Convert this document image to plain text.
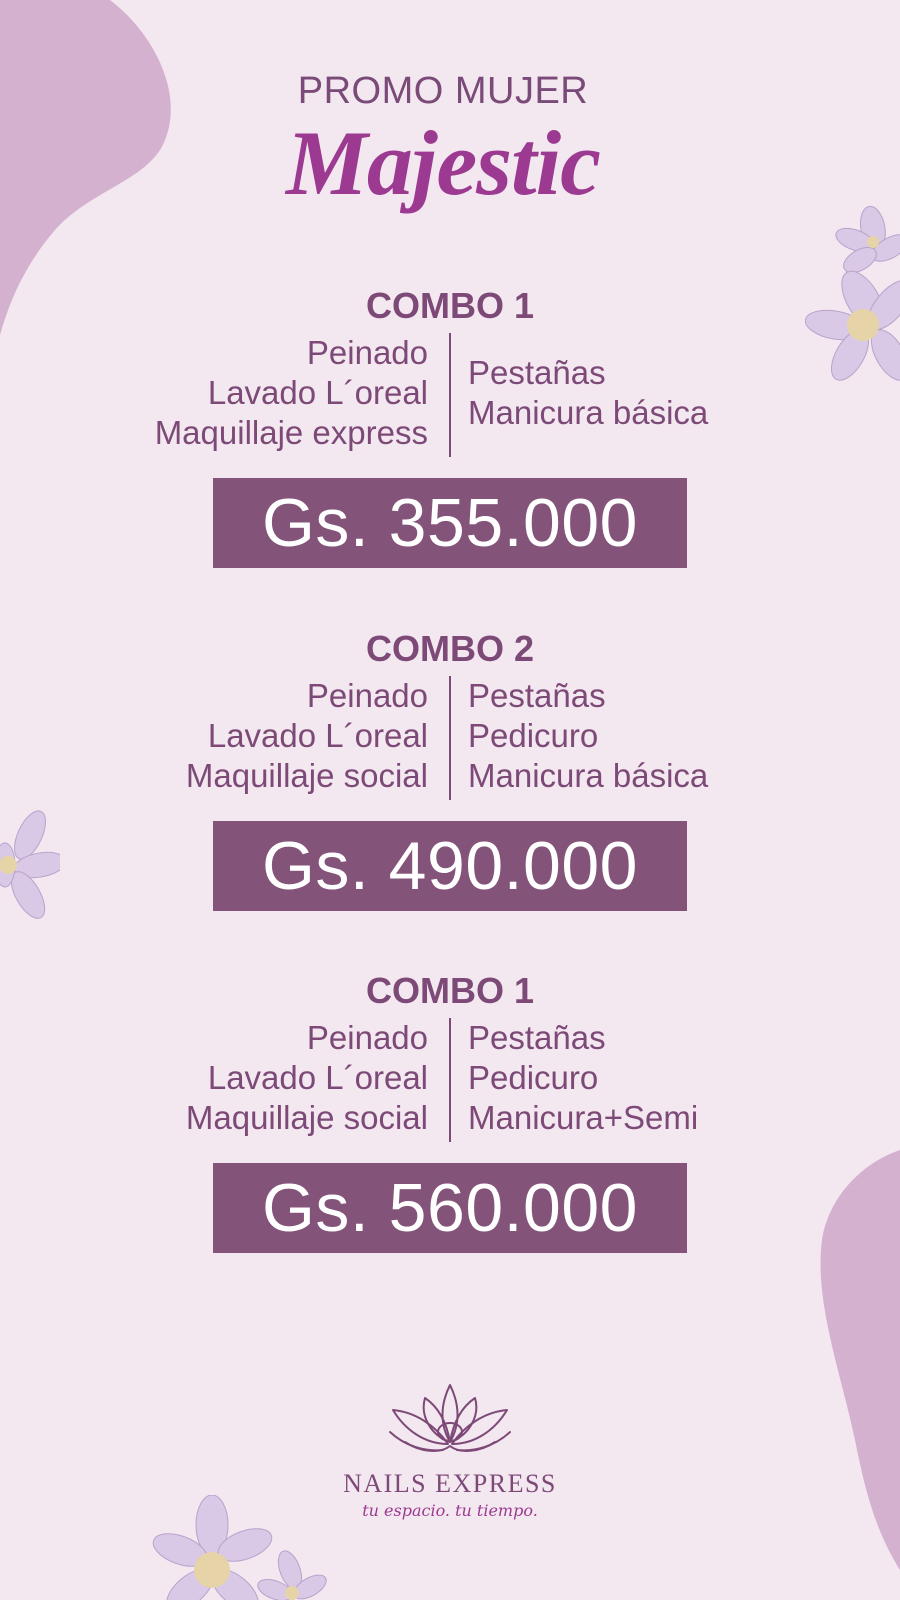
PROMO MUJER
Majestic
COMBO 1
Peinado
Lavado L´oreal
Maquillaje express
Pestañas
Manicura básica
Gs. 355.000
COMBO 2
Peinado
Lavado L´oreal
Maquillaje social
Pestañas
Pedicuro
Manicura básica
Gs. 490.000
COMBO 1
Peinado
Lavado L´oreal
Maquillaje social
Pestañas
Pedicuro
Manicura+Semi
Gs. 560.000
NAILS EXPRESS
tu espacio. tu tiempo.
